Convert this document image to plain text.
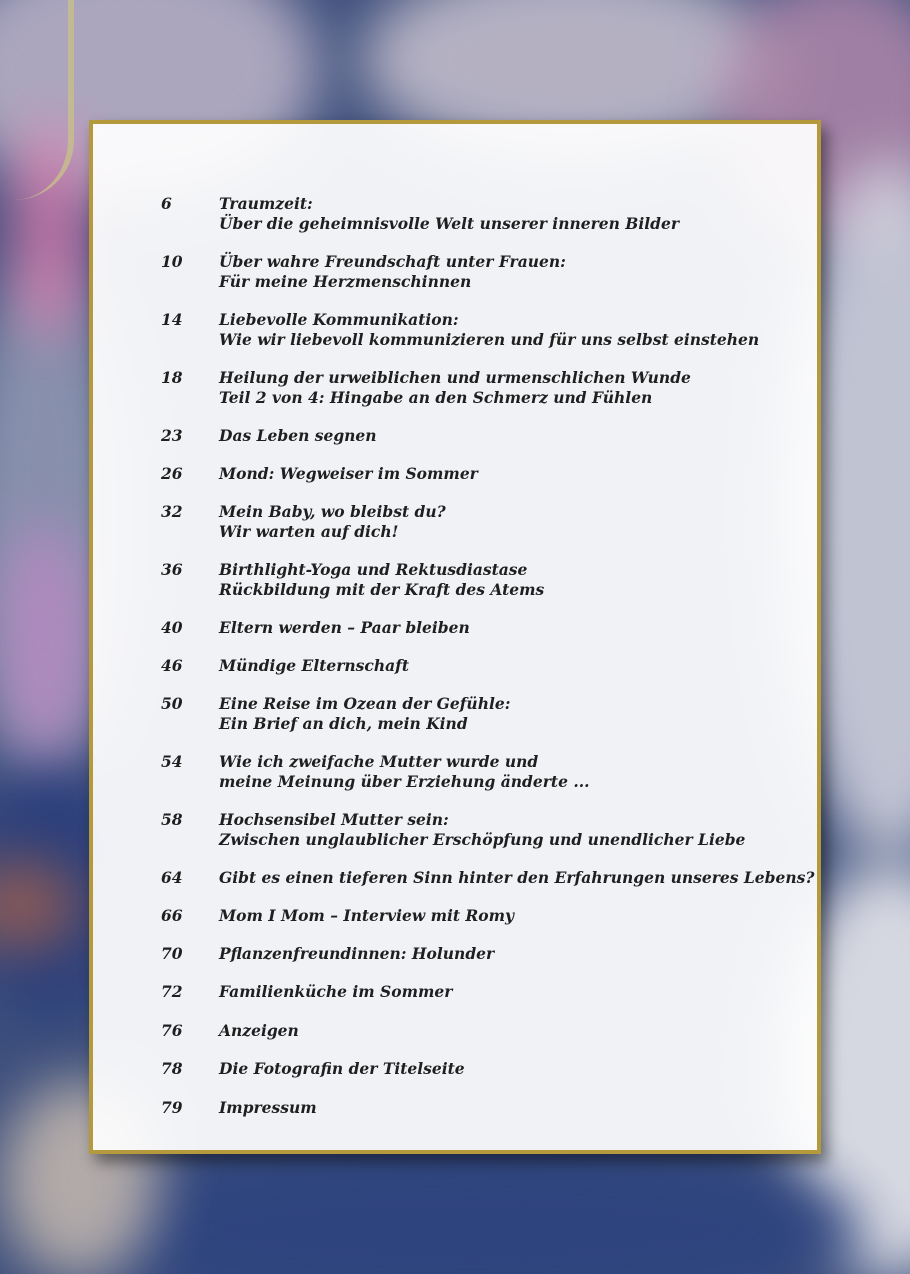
6	Traumzeit:
Über die geheimnisvolle Welt unserer inneren Bilder
10 Über wahre Freundschaft unter Frauen:
Für meine Herzmenschinnen
14 Liebevolle Kommunikation:
Wie wir liebevoll kommunizieren und für uns selbst einstehen
18 Heilung der urweiblichen und urmenschlichen Wunde
Teil 2 von 4: Hingabe an den Schmerz und Fühlen
23 Das Leben segnen
26 Mond: Wegweiser im Sommer
32 Mein Baby, wo bleibst du?
Wir warten auf dich!
36 Birthlight-Yoga und Rektusdiastase
Rückbildung mit der Kraft des Atems
40 Eltern werden – Paar bleiben
46 Mündige Elternschaft
50 Eine Reise im Ozean der Gefühle:
Ein Brief an dich, mein Kind
54 Wie ich zweifache Mutter wurde und
meine Meinung über Erziehung änderte ...
58 Hochsensibel Mutter sein:
Zwischen unglaublicher Erschöpfung und unendlicher Liebe
64 Gibt es einen tieferen Sinn hinter den Erfahrungen unseres Lebens?
66 Mom I Mom – Interview mit Romy
70 Pflanzenfreundinnen: Holunder
72 Familienküche im Sommer
76 Anzeigen
78 Die Fotografin der Titelseite
79 Impressum
